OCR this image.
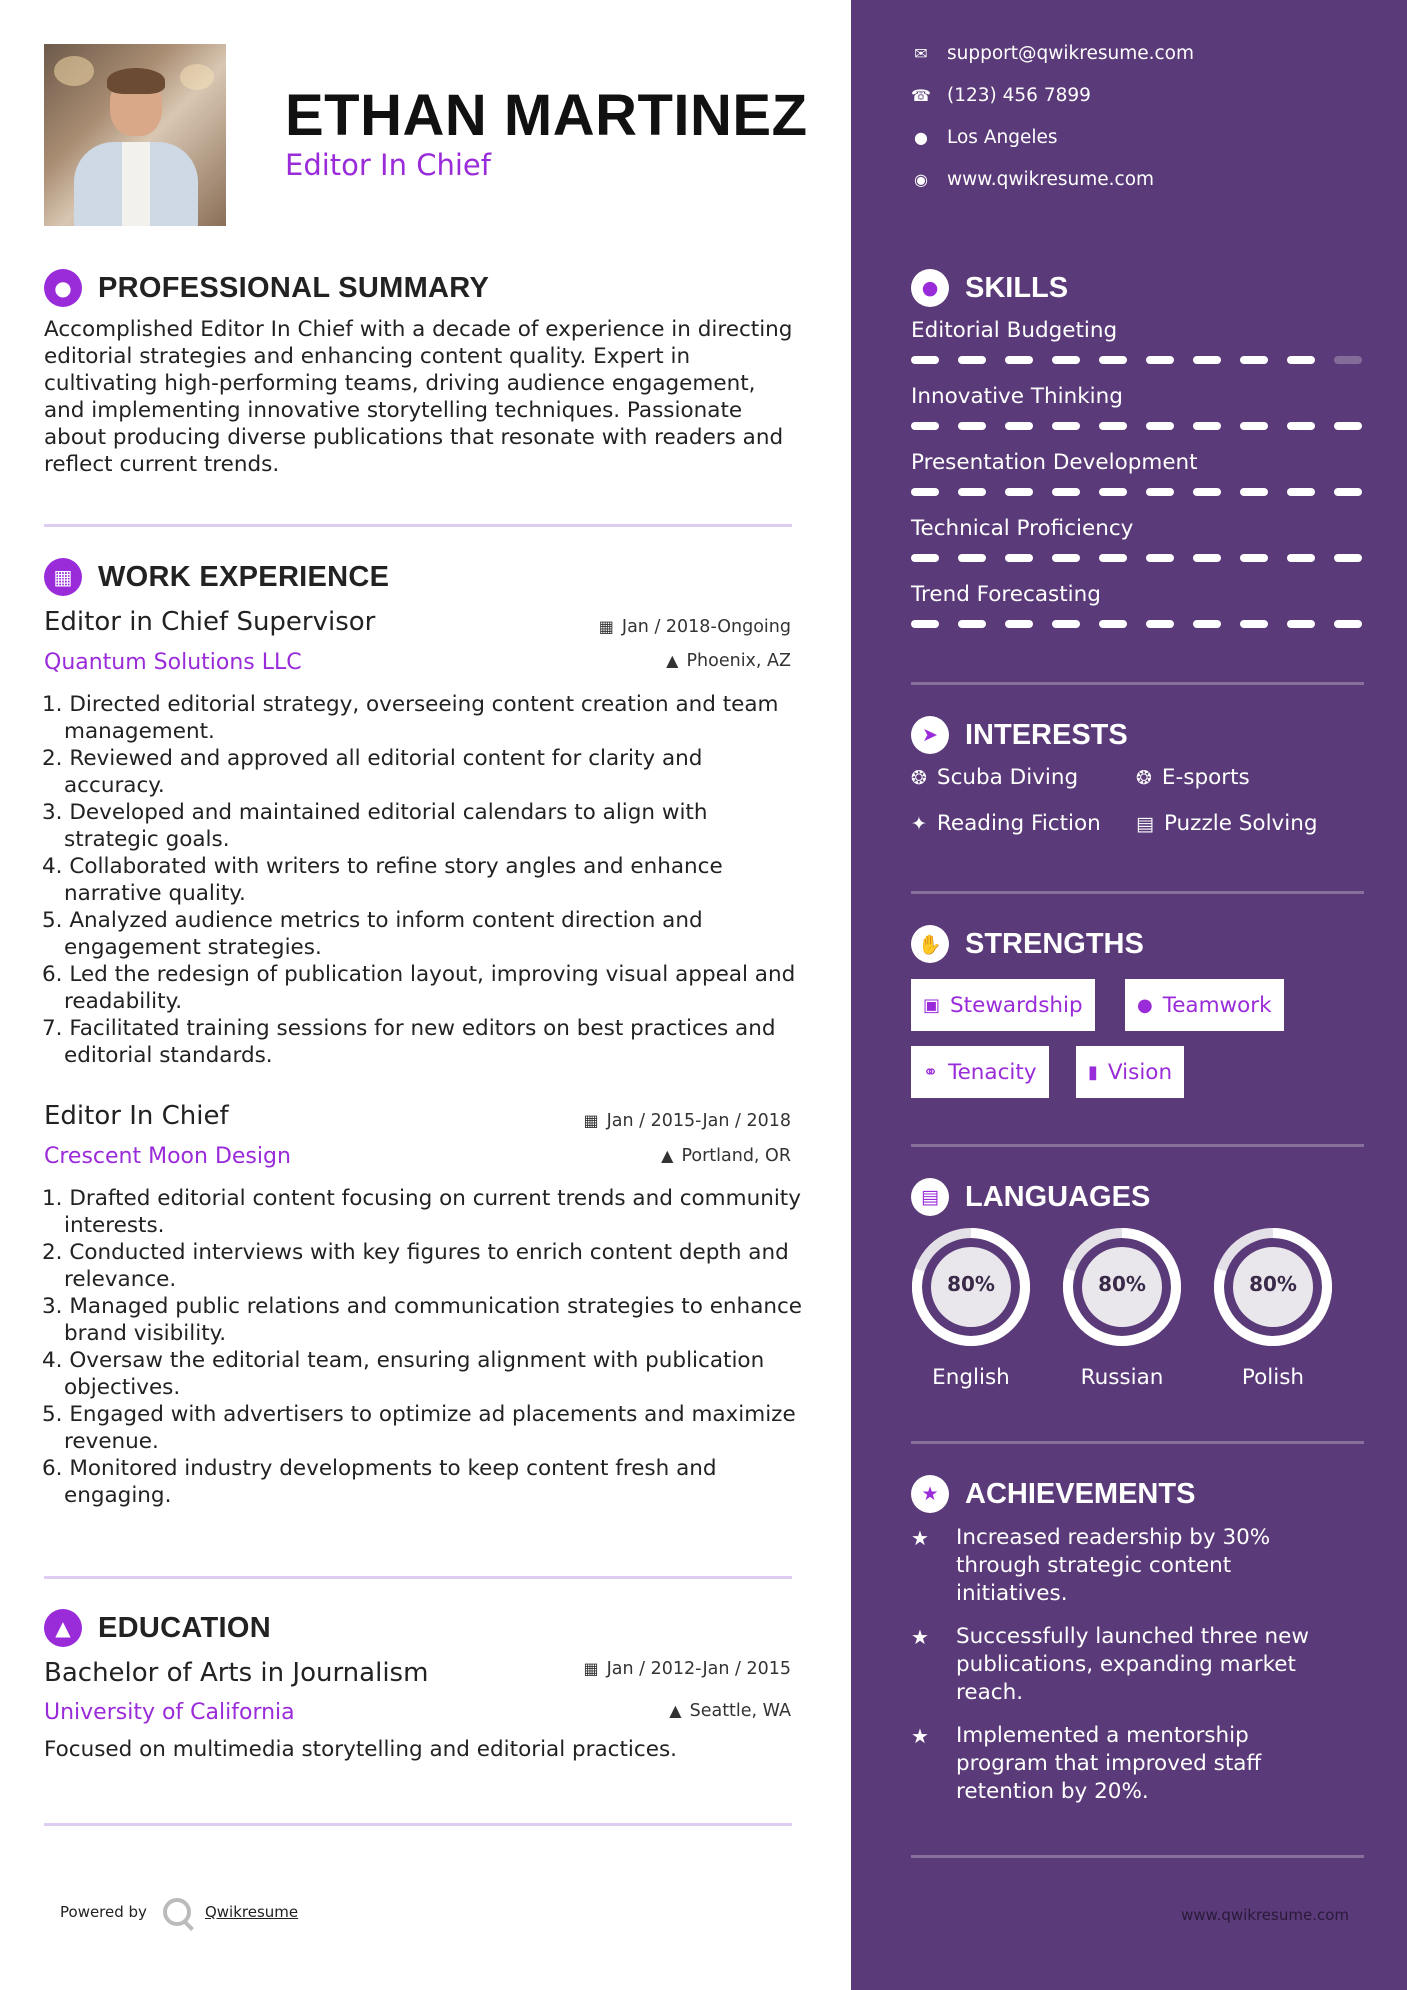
ETHAN MARTINEZ
Editor In Chief
● PROFESSIONAL SUMMARY
Accomplished Editor In Chief with a decade of experience in directing editorial strategies and enhancing content quality. Expert in cultivating high-performing teams, driving audience engagement, and implementing innovative storytelling techniques. Passionate about producing diverse publications that resonate with readers and reflect current trends.
▦ WORK EXPERIENCE
Editor in Chief Supervisor	▦ Jan / 2018-Ongoing
Quantum Solutions LLC	▲ Phoenix, AZ
1. Directed editorial strategy, overseeing content creation and team management.
2. Reviewed and approved all editorial content for clarity and accuracy.
3. Developed and maintained editorial calendars to align with strategic goals.
4. Collaborated with writers to refine story angles and enhance narrative quality.
5. Analyzed audience metrics to inform content direction and engagement strategies.
6. Led the redesign of publication layout, improving visual appeal and readability.
7. Facilitated training sessions for new editors on best practices and editorial standards.
Editor In Chief	▦ Jan / 2015-Jan / 2018
Crescent Moon Design	▲ Portland, OR
1. Drafted editorial content focusing on current trends and community interests.
2. Conducted interviews with key figures to enrich content depth and relevance.
3. Managed public relations and communication strategies to enhance brand visibility.
4. Oversaw the editorial team, ensuring alignment with publication objectives.
5. Engaged with advertisers to optimize ad placements and maximize revenue.
6. Monitored industry developments to keep content fresh and engaging.
▲ EDUCATION
Bachelor of Arts in Journalism	▦ Jan / 2012-Jan / 2015
University of California	▲ Seattle, WA
Focused on multimedia storytelling and editorial practices.
Powered by	Qwikresume
✉ support@qwikresume.com
☎ (123) 456 7899
● Los Angeles
◉ www.qwikresume.com
● SKILLS
Editorial Budgeting
Innovative Thinking
Presentation Development
Technical Proficiency
Trend Forecasting
➤ INTERESTS
❂ Scuba Diving	❂ E-sports
✦ Reading Fiction ▤ Puzzle Solving
✋ STRENGTHS
▣ Stewardship	● Teamwork
⚭ Tenacity	▮ Vision
▤ LANGUAGES
80%
English
80%
Russian
80%
Polish
★ ACHIEVEMENTS
★	Increased readership by 30% through strategic content initiatives.
★	Successfully launched three new publications, expanding market reach.
★	Implemented a mentorship program that improved staff retention by 20%.
www.qwikresume.com
